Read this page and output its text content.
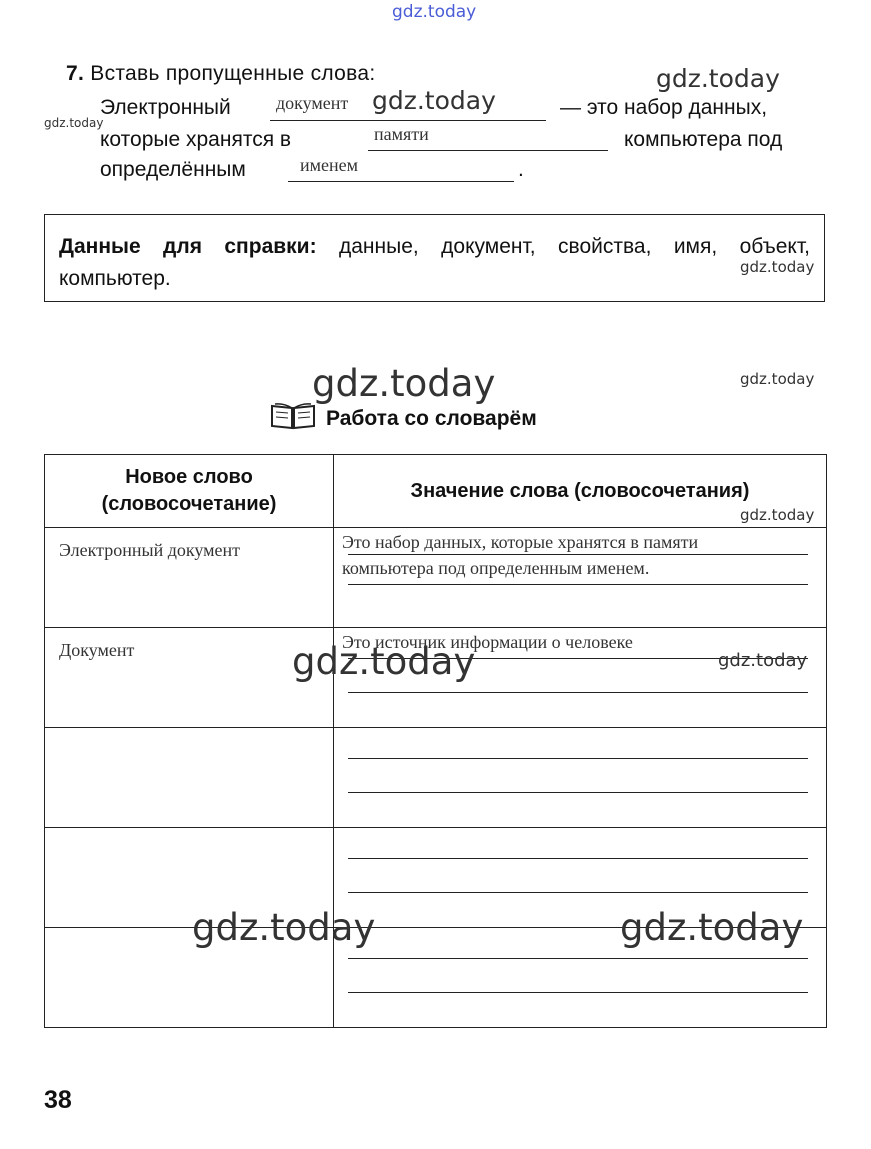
gdz.today
gdz.today
gdz.today
gdz.today
gdz.today
gdz.today	gdz.today
7. Вставь пропущенные слова:
Электронный	документ	— это набор данных,
которые хранятся в	памяти	компьютера под
определённым	именем	.
Данные для справки: данные, документ, свойства, имя, объект, компьютер.
Работа со словарём
Новое слово (словосочетание)	Значение слова (словосочетания)
Электронный документ	Это набор данных, которые хранятся в памяти
компьютера под определенным именем.

Документ	Это источник информации о человеке

gdz.today
gdz.today	gdz.today
gdz.today	gdz.today
38
